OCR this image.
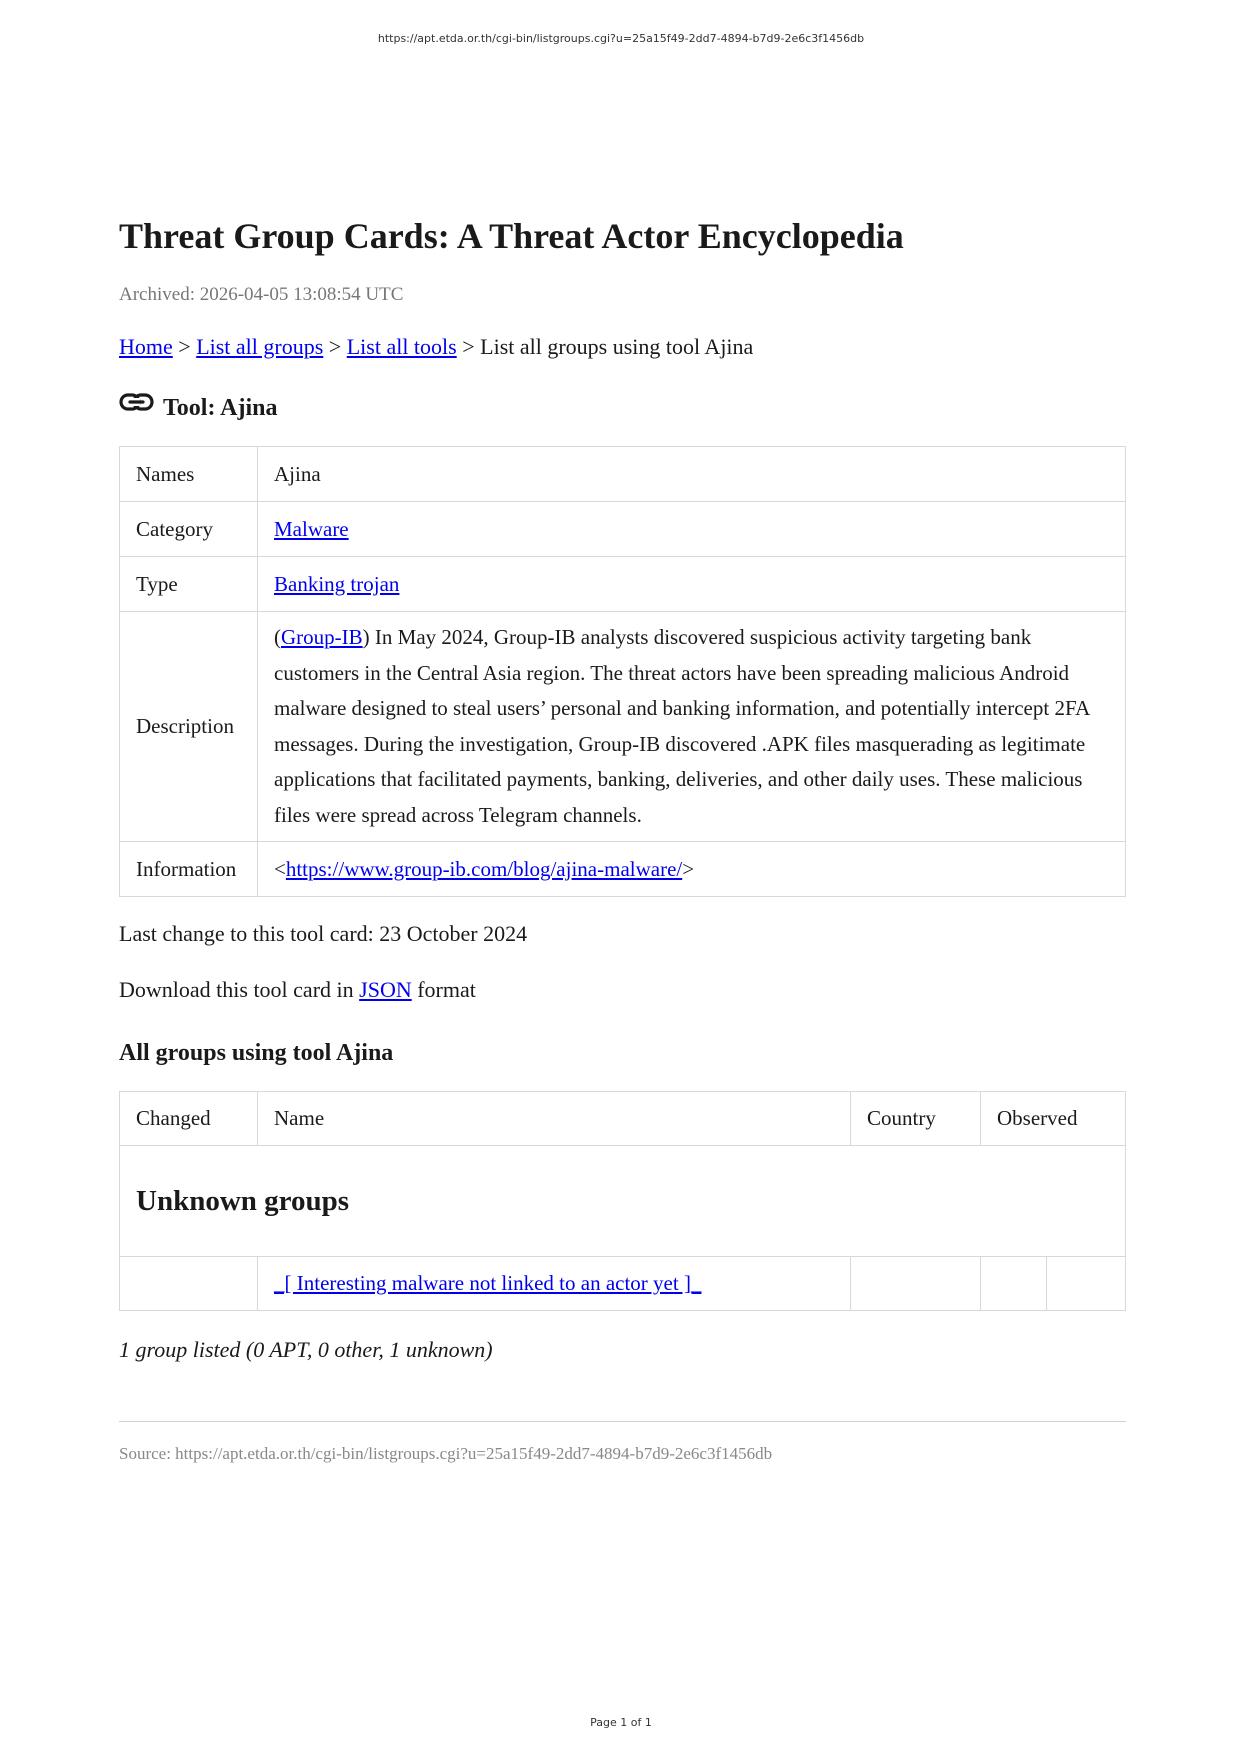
https://apt.etda.or.th/cgi-bin/listgroups.cgi?u=25a15f49-2dd7-4894-b7d9-2e6c3f1456db
Threat Group Cards: A Threat Actor Encyclopedia
Archived: 2026-04-05 13:08:54 UTC
Home > List all groups > List all tools > List all groups using tool Ajina
Tool: Ajina
Names	Ajina
Category	Malware
Type	Banking trojan
Description	(Group-IB) In May 2024, Group-IB analysts discovered suspicious activity targeting bank customers in the Central Asia region. The threat actors have been spreading malicious Android malware designed to steal users’ personal and banking information, and potentially intercept 2FA messages. During the investigation, Group-IB discovered .APK files masquerading as legitimate applications that facilitated payments, banking, deliveries, and other daily uses. These malicious files were spread across Telegram channels.
Information	<https://www.group-ib.com/blog/ajina-malware/>
Last change to this tool card: 23 October 2024
Download this tool card in JSON format
All groups using tool Ajina
Changed	Name	Country	Observed	
Unknown groups				
	_[ Interesting malware not linked to an actor yet ]_			
1 group listed (0 APT, 0 other, 1 unknown)
Source: https://apt.etda.or.th/cgi-bin/listgroups.cgi?u=25a15f49-2dd7-4894-b7d9-2e6c3f1456db
Page 1 of 1
